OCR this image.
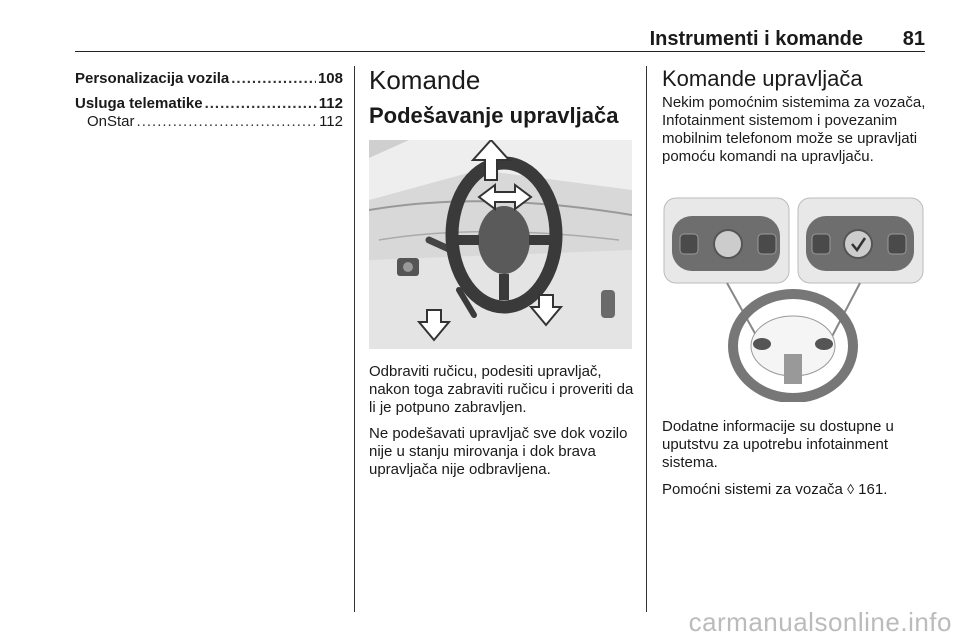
Instrumenti i komande 81
Personalizacija vozila .....	108
Usluga telematike .....	112
OnStar .....	112
Komande
Podešavanje upravljača

Odbraviti ručicu, podesiti upravljač, nakon toga zabraviti ručicu i proveriti da li je potpuno zabravljen.

Ne podešavati upravljač sve dok vozilo nije u stanju mirovanja i dok brava upravljača nije odbravljena.

Komande upravljača

Nekim pomoćnim sistemima za vozača, Infotainment sistemom i povezanim mobilnim telefonom može se upravljati pomoću komandi na upravljaču.

Dodatne informacije su dostupne u uputstvu za upotrebu infotainment sistema.

Pomoćni sistemi za vozača ◊ 161.

carmanualsonline.info
